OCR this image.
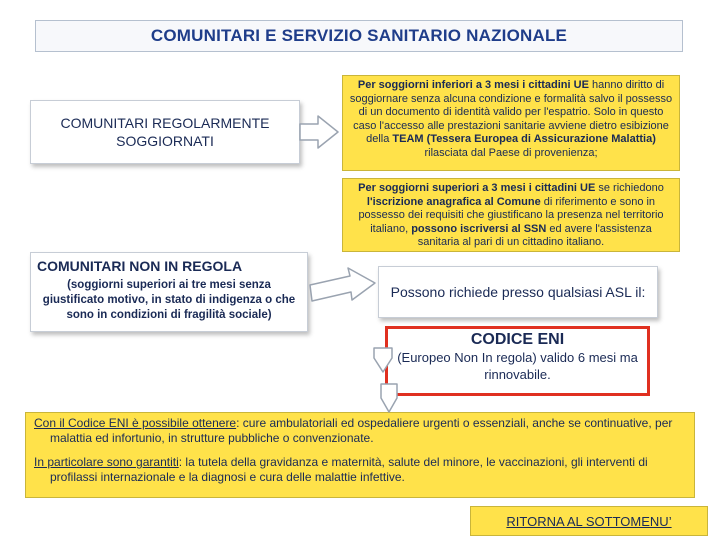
COMUNITARI E SERVIZIO SANITARIO NAZIONALE
COMUNITARI REGOLARMENTE SOGGIORNATI
Per soggiorni inferiori a 3 mesi i cittadini UE hanno diritto di soggiornare senza alcuna condizione e formalità salvo il possesso di un documento di identità valido per l'espatrio. Solo in questo caso l'accesso alle prestazioni sanitarie avviene dietro esibizione della TEAM (Tessera Europea di Assicurazione Malattia) rilasciata dal Paese di provenienza;
Per soggiorni superiori a 3 mesi i cittadini UE se richiedono l'iscrizione anagrafica al Comune di riferimento e sono in possesso dei requisiti che giustificano la presenza nel territorio italiano, possono iscriversi al SSN ed avere l'assistenza sanitaria al pari di un cittadino italiano.
COMUNITARI NON IN REGOLA
(soggiorni superiori ai tre mesi senza giustificato motivo, in stato di indigenza o che sono in condizioni di fragilità sociale)
Possono richiede presso qualsiasi ASL il:
CODICE ENI
(Europeo Non In regola) valido 6 mesi ma rinnovabile.

Con il Codice ENI è possibile ottenere: cure ambulatoriali ed ospedaliere urgenti o essenziali, anche se continuative, per malattia ed infortunio, in strutture pubbliche o convenzionate.

In particolare sono garantiti: la tutela della gravidanza e maternità, salute del minore, le vaccinazioni, gli interventi di profilassi internazionale e la diagnosi e cura delle malattie infettive.

RITORNA AL SOTTOMENU’
